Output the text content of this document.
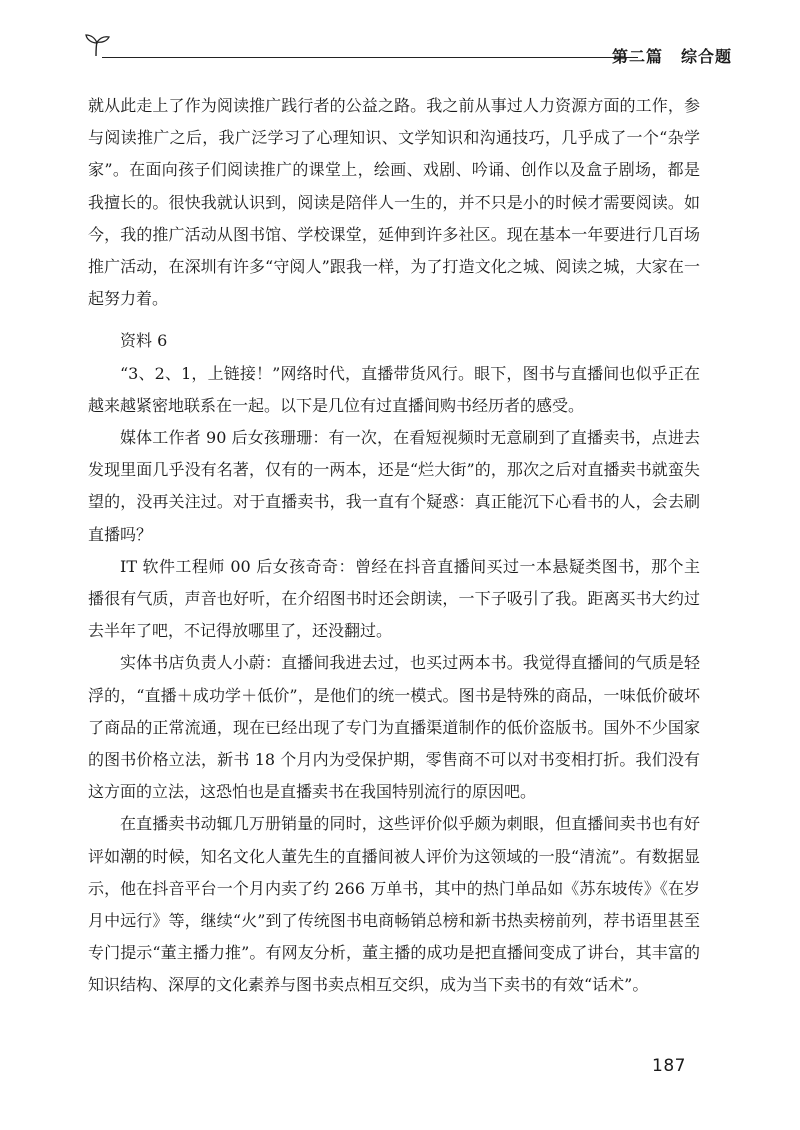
第二篇 综合题

就从此走上了作为阅读推广践行者的公益之路。我之前从事过人力资源方面的工作，参与阅读推广之后，我广泛学习了心理知识、文学知识和沟通技巧，几乎成了一个“杂学家”。在面向孩子们阅读推广的课堂上，绘画、戏剧、吟诵、创作以及盒子剧场，都是我擅长的。很快我就认识到，阅读是陪伴人一生的，并不只是小的时候才需要阅读。如今，我的推广活动从图书馆、学校课堂，延伸到许多社区。现在基本一年要进行几百场推广活动，在深圳有许多“守阅人”跟我一样，为了打造文化之城、阅读之城，大家在一起努力着。

资料 6

“3、2、1，上链接！”网络时代，直播带货风行。眼下，图书与直播间也似乎正在越来越紧密地联系在一起。以下是几位有过直播间购书经历者的感受。

媒体工作者 90 后女孩珊珊：有一次，在看短视频时无意刷到了直播卖书，点进去发现里面几乎没有名著，仅有的一两本，还是“烂大街”的，那次之后对直播卖书就蛮失望的，没再关注过。对于直播卖书，我一直有个疑惑：真正能沉下心看书的人，会去刷直播吗？

IT 软件工程师 00 后女孩奇奇：曾经在抖音直播间买过一本悬疑类图书，那个主播很有气质，声音也好听，在介绍图书时还会朗读，一下子吸引了我。距离买书大约过去半年了吧，不记得放哪里了，还没翻过。

实体书店负责人小蔚：直播间我进去过，也买过两本书。我觉得直播间的气质是轻浮的，“直播＋成功学＋低价”，是他们的统一模式。图书是特殊的商品，一味低价破坏了商品的正常流通，现在已经出现了专门为直播渠道制作的低价盗版书。国外不少国家的图书价格立法，新书 18 个月内为受保护期，零售商不可以对书变相打折。我们没有这方面的立法，这恐怕也是直播卖书在我国特别流行的原因吧。

在直播卖书动辄几万册销量的同时，这些评价似乎颇为刺眼，但直播间卖书也有好评如潮的时候，知名文化人董先生的直播间被人评价为这领域的一股“清流”。有数据显示，他在抖音平台一个月内卖了约 266 万单书，其中的热门单品如《苏东坡传》《在岁月中远行》等，继续“火”到了传统图书电商畅销总榜和新书热卖榜前列，荐书语里甚至专门提示“董主播力推”。有网友分析，董主播的成功是把直播间变成了讲台，其丰富的知识结构、深厚的文化素养与图书卖点相互交织，成为当下卖书的有效“话术”。

187
